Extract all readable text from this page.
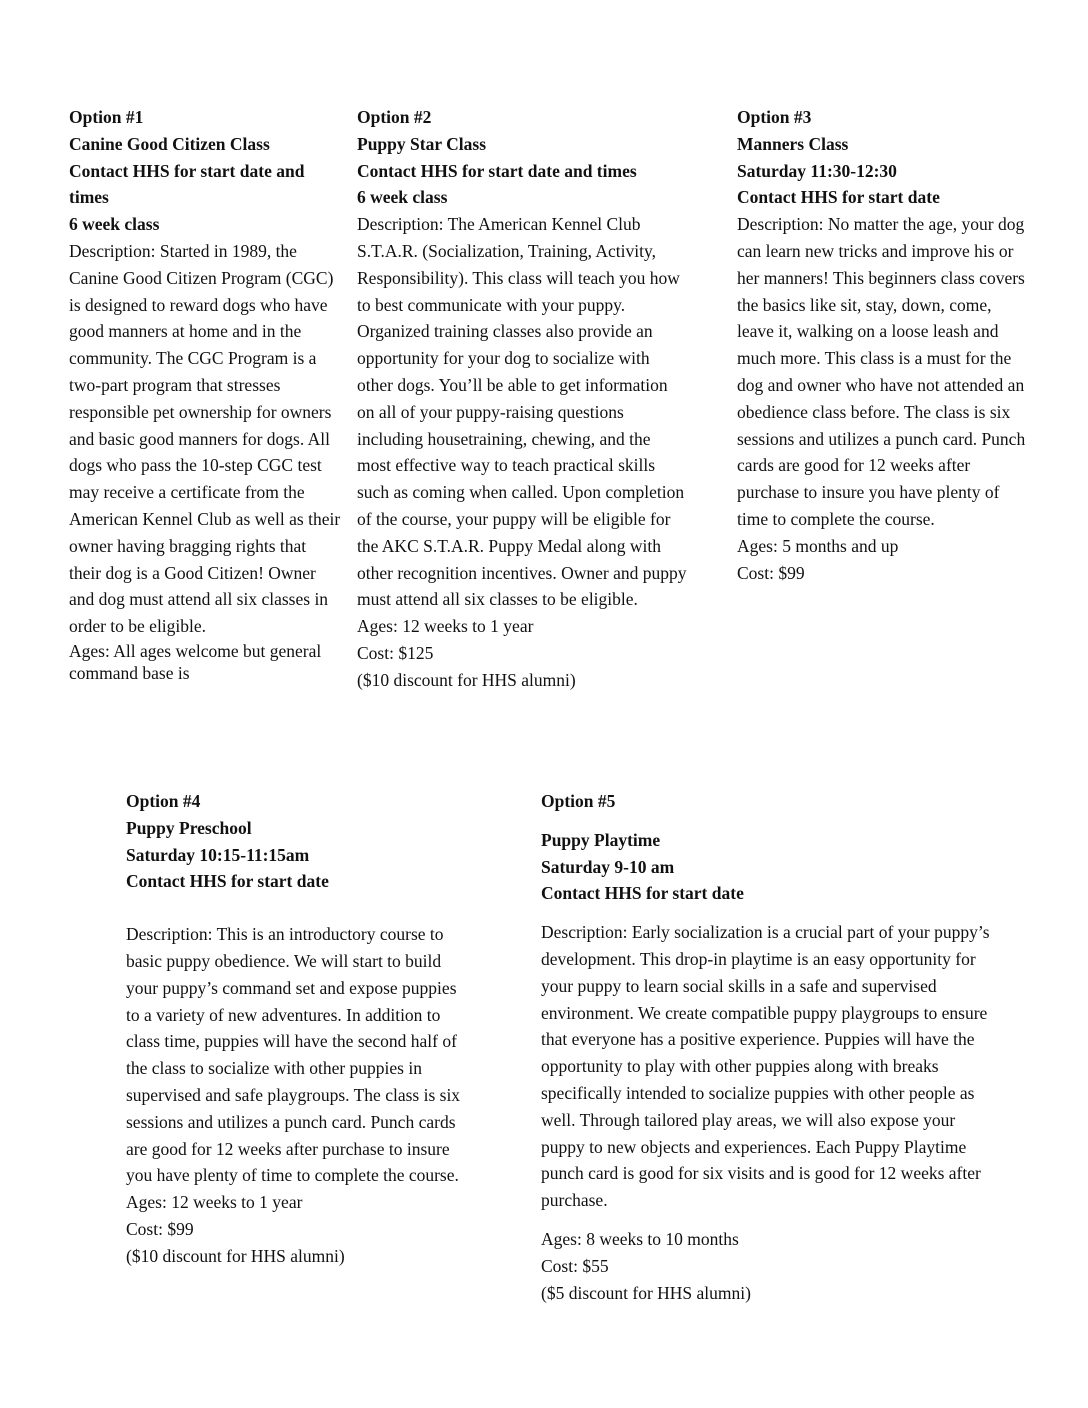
Option #1

Canine Good Citizen Class

Contact HHS for start date and times

6 week class

Description: Started in 1989, the Canine Good Citizen Program (CGC) is designed to reward dogs who have good manners at home and in the community. The CGC Program is a two-part program that stresses responsible pet ownership for owners and basic good manners for dogs. All dogs who pass the 10-step CGC test may receive a certificate from the American Kennel Club as well as their owner having bragging rights that their dog is a Good Citizen! Owner and dog must attend all six classes in order to be eligible.

Ages: All ages welcome but general command base is

Option #2

Puppy Star Class

Contact HHS for start date and times

6 week class

Description: The American Kennel Club S.T.A.R. (Socialization, Training, Activity, Responsibility). This class will teach you how to best communicate with your puppy. Organized training classes also provide an opportunity for your dog to socialize with other dogs. You’ll be able to get information on all of your puppy-raising questions including housetraining, chewing, and the most effective way to teach practical skills such as coming when called. Upon completion of the course, your puppy will be eligible for the AKC S.T.A.R. Puppy Medal along with other recognition incentives. Owner and puppy must attend all six classes to be eligible.

Ages: 12 weeks to 1 year

Cost: $125

($10 discount for HHS alumni)

Option #3

Manners Class

Saturday 11:30-12:30

Contact HHS for start date

Description: No matter the age, your dog can learn new tricks and improve his or her manners! This beginners class covers the basics like sit, stay, down, come, leave it, walking on a loose leash and much more. This class is a must for the dog and owner who have not attended an obedience class before. The class is six sessions and utilizes a punch card. Punch cards are good for 12 weeks after purchase to insure you have plenty of time to complete the course.

Ages: 5 months and up

Cost: $99

Option #4

Puppy Preschool

Saturday 10:15-11:15am

Contact HHS for start date

Description: This is an introductory course to basic puppy obedience. We will start to build your puppy’s command set and expose puppies to a variety of new adventures. In addition to class time, puppies will have the second half of the class to socialize with other puppies in supervised and safe playgroups. The class is six sessions and utilizes a punch card. Punch cards are good for 12 weeks after purchase to insure you have plenty of time to complete the course.

Ages: 12 weeks to 1 year

Cost: $99

($10 discount for HHS alumni)

Option #5

Puppy Playtime

Saturday 9-10 am

Contact HHS for start date

Description: Early socialization is a crucial part of your puppy’s development. This drop-in playtime is an easy opportunity for your puppy to learn social skills in a safe and supervised environment. We create compatible puppy playgroups to ensure that everyone has a positive experience. Puppies will have the opportunity to play with other puppies along with breaks specifically intended to socialize puppies with other people as well. Through tailored play areas, we will also expose your puppy to new objects and experiences. Each Puppy Playtime punch card is good for six visits and is good for 12 weeks after purchase.

Ages: 8 weeks to 10 months

Cost: $55

($5 discount for HHS alumni)
